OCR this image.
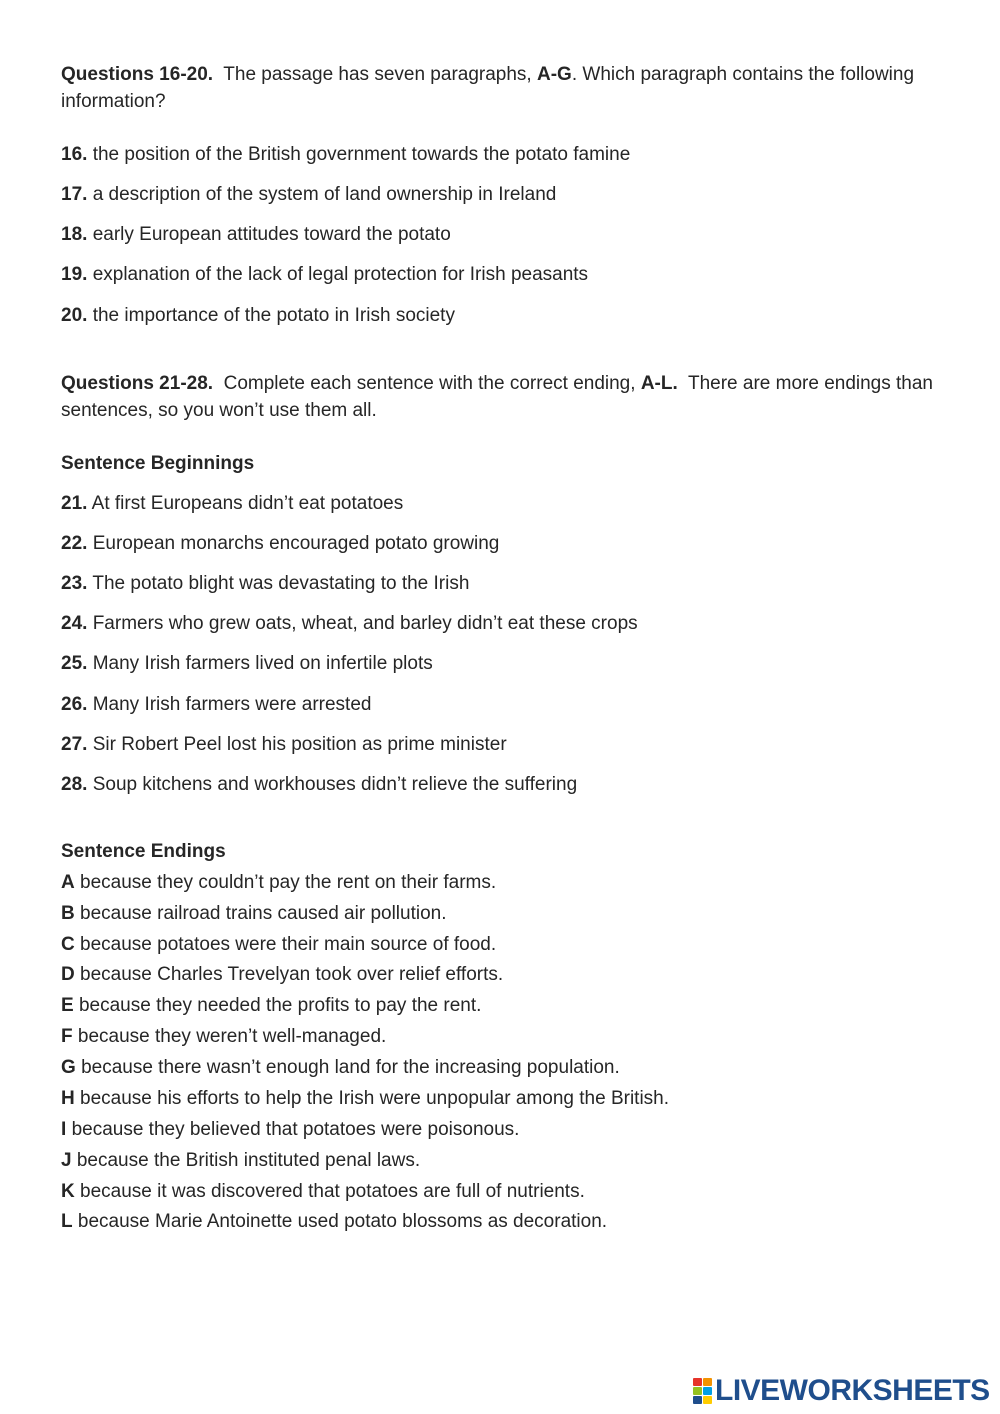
Questions 16-20. The passage has seven paragraphs, A-G. Which paragraph contains the following information?
16. the position of the British government towards the potato famine
17. a description of the system of land ownership in Ireland
18. early European attitudes toward the potato
19. explanation of the lack of legal protection for Irish peasants
20. the importance of the potato in Irish society
Questions 21-28. Complete each sentence with the correct ending, A-L. There are more endings than sentences, so you won’t use them all.
Sentence Beginnings
21. At first Europeans didn’t eat potatoes
22. European monarchs encouraged potato growing
23. The potato blight was devastating to the Irish
24. Farmers who grew oats, wheat, and barley didn’t eat these crops
25. Many Irish farmers lived on infertile plots
26. Many Irish farmers were arrested
27. Sir Robert Peel lost his position as prime minister
28. Soup kitchens and workhouses didn’t relieve the suffering
Sentence Endings
A because they couldn’t pay the rent on their farms.
B because railroad trains caused air pollution.
C because potatoes were their main source of food.
D because Charles Trevelyan took over relief efforts.
E because they needed the profits to pay the rent.
F because they weren’t well-managed.
G because there wasn’t enough land for the increasing population.
H because his efforts to help the Irish were unpopular among the British.
I because they believed that potatoes were poisonous.
J because the British instituted penal laws.
K because it was discovered that potatoes are full of nutrients.
L because Marie Antoinette used potato blossoms as decoration.
LIVEWORKSHEETS
